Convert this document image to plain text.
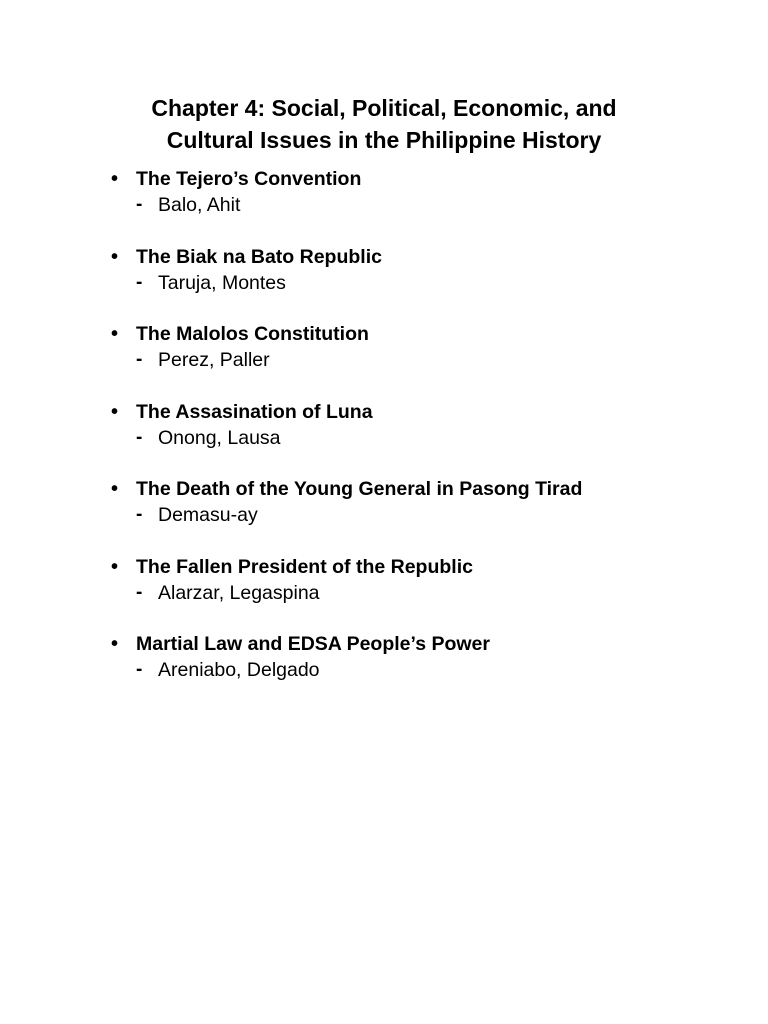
Chapter 4: Social, Political, Economic, and
Cultural Issues in the Philippine History
• The Tejero’s Convention
- Balo, Ahit
• The Biak na Bato Republic
- Taruja, Montes
• The Malolos Constitution
- Perez, Paller
• The Assasination of Luna
- Onong, Lausa
• The Death of the Young General in Pasong Tirad
- Demasu-ay
• The Fallen President of the Republic
- Alarzar, Legaspina
• Martial Law and EDSA People’s Power
- Areniabo, Delgado
